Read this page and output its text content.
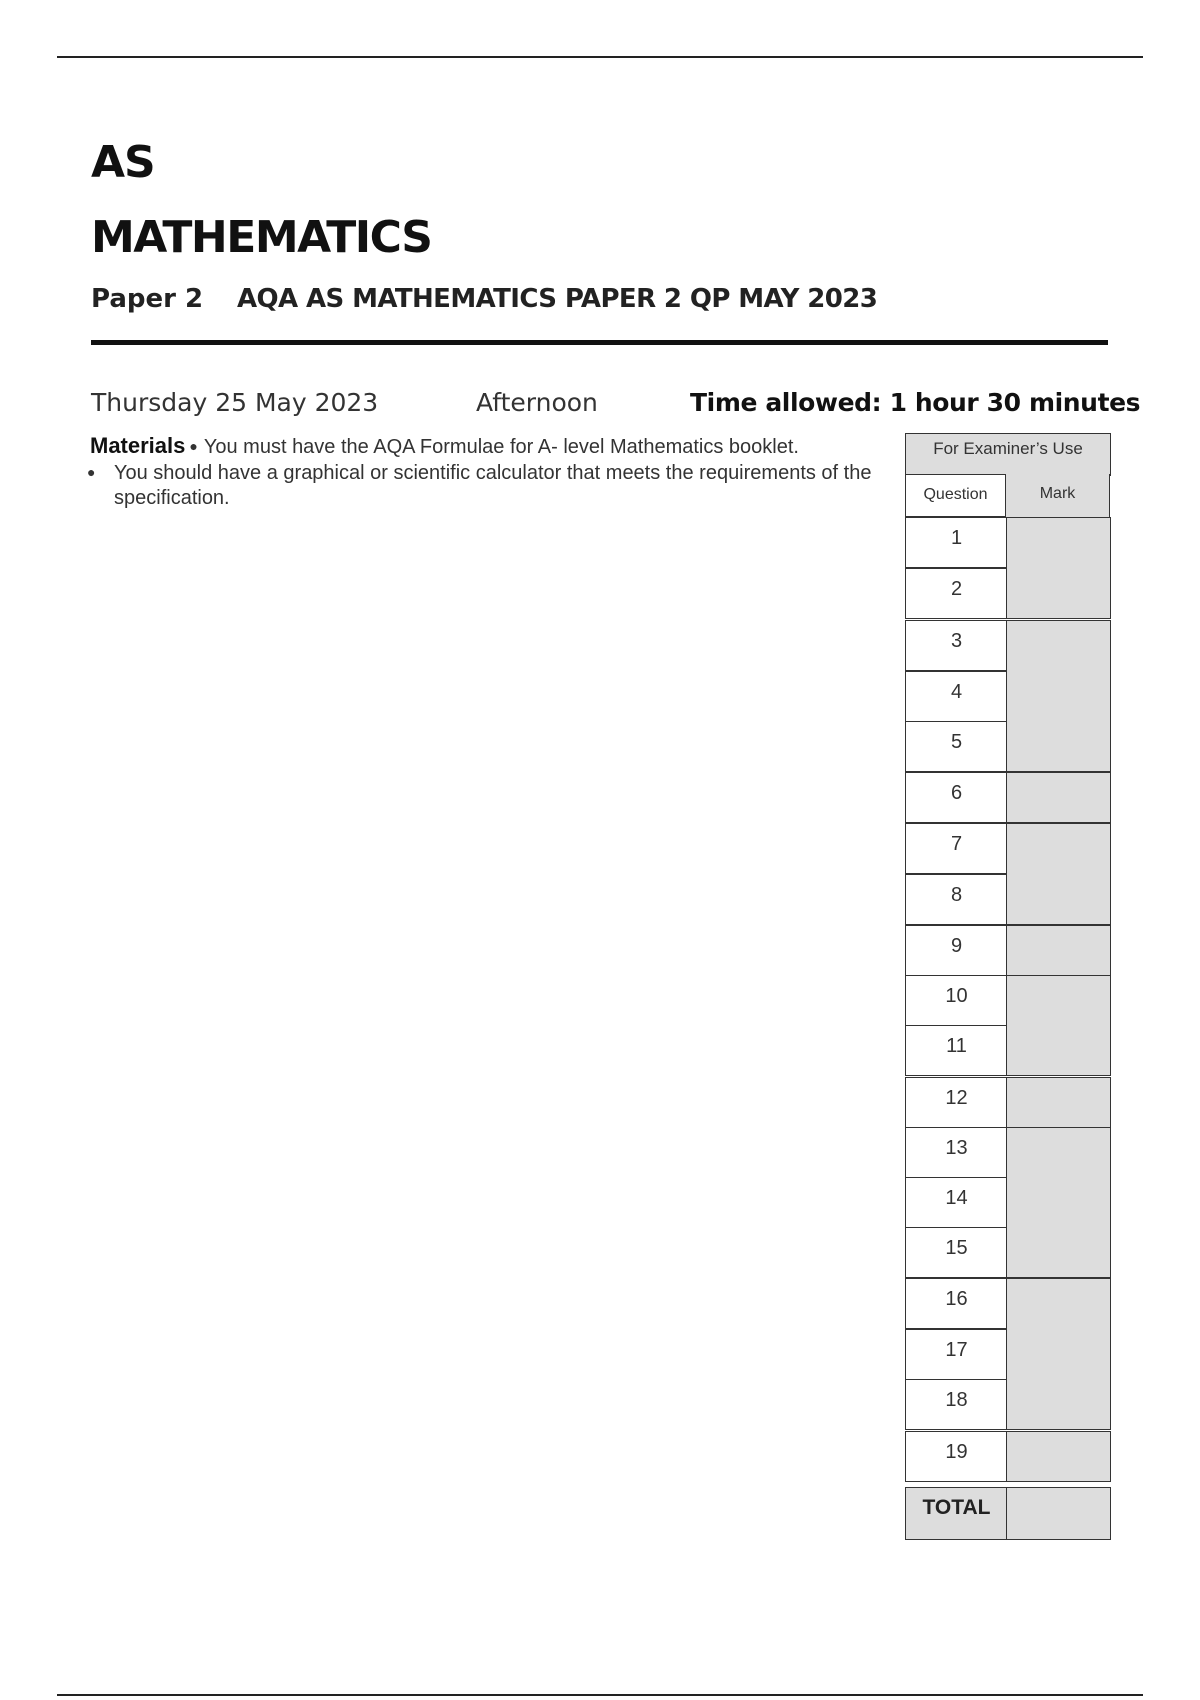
AS
MATHEMATICS
Paper 2 AQA AS MATHEMATICS PAPER 2 QP MAY 2023
Thursday 25 May 2023	Afternoon	Time allowed: 1 hour 30 minutes
Materials ● You must have the AQA Formulae for A- level Mathematics booklet.
● You should have a graphical or scientific calculator that meets the requirements of the specification.
For Examiner’s Use
Question	Mark
1
2
3
4
5
6
7
8
9
10
11
12
13
14
15
16
17
18
19
TOTAL
